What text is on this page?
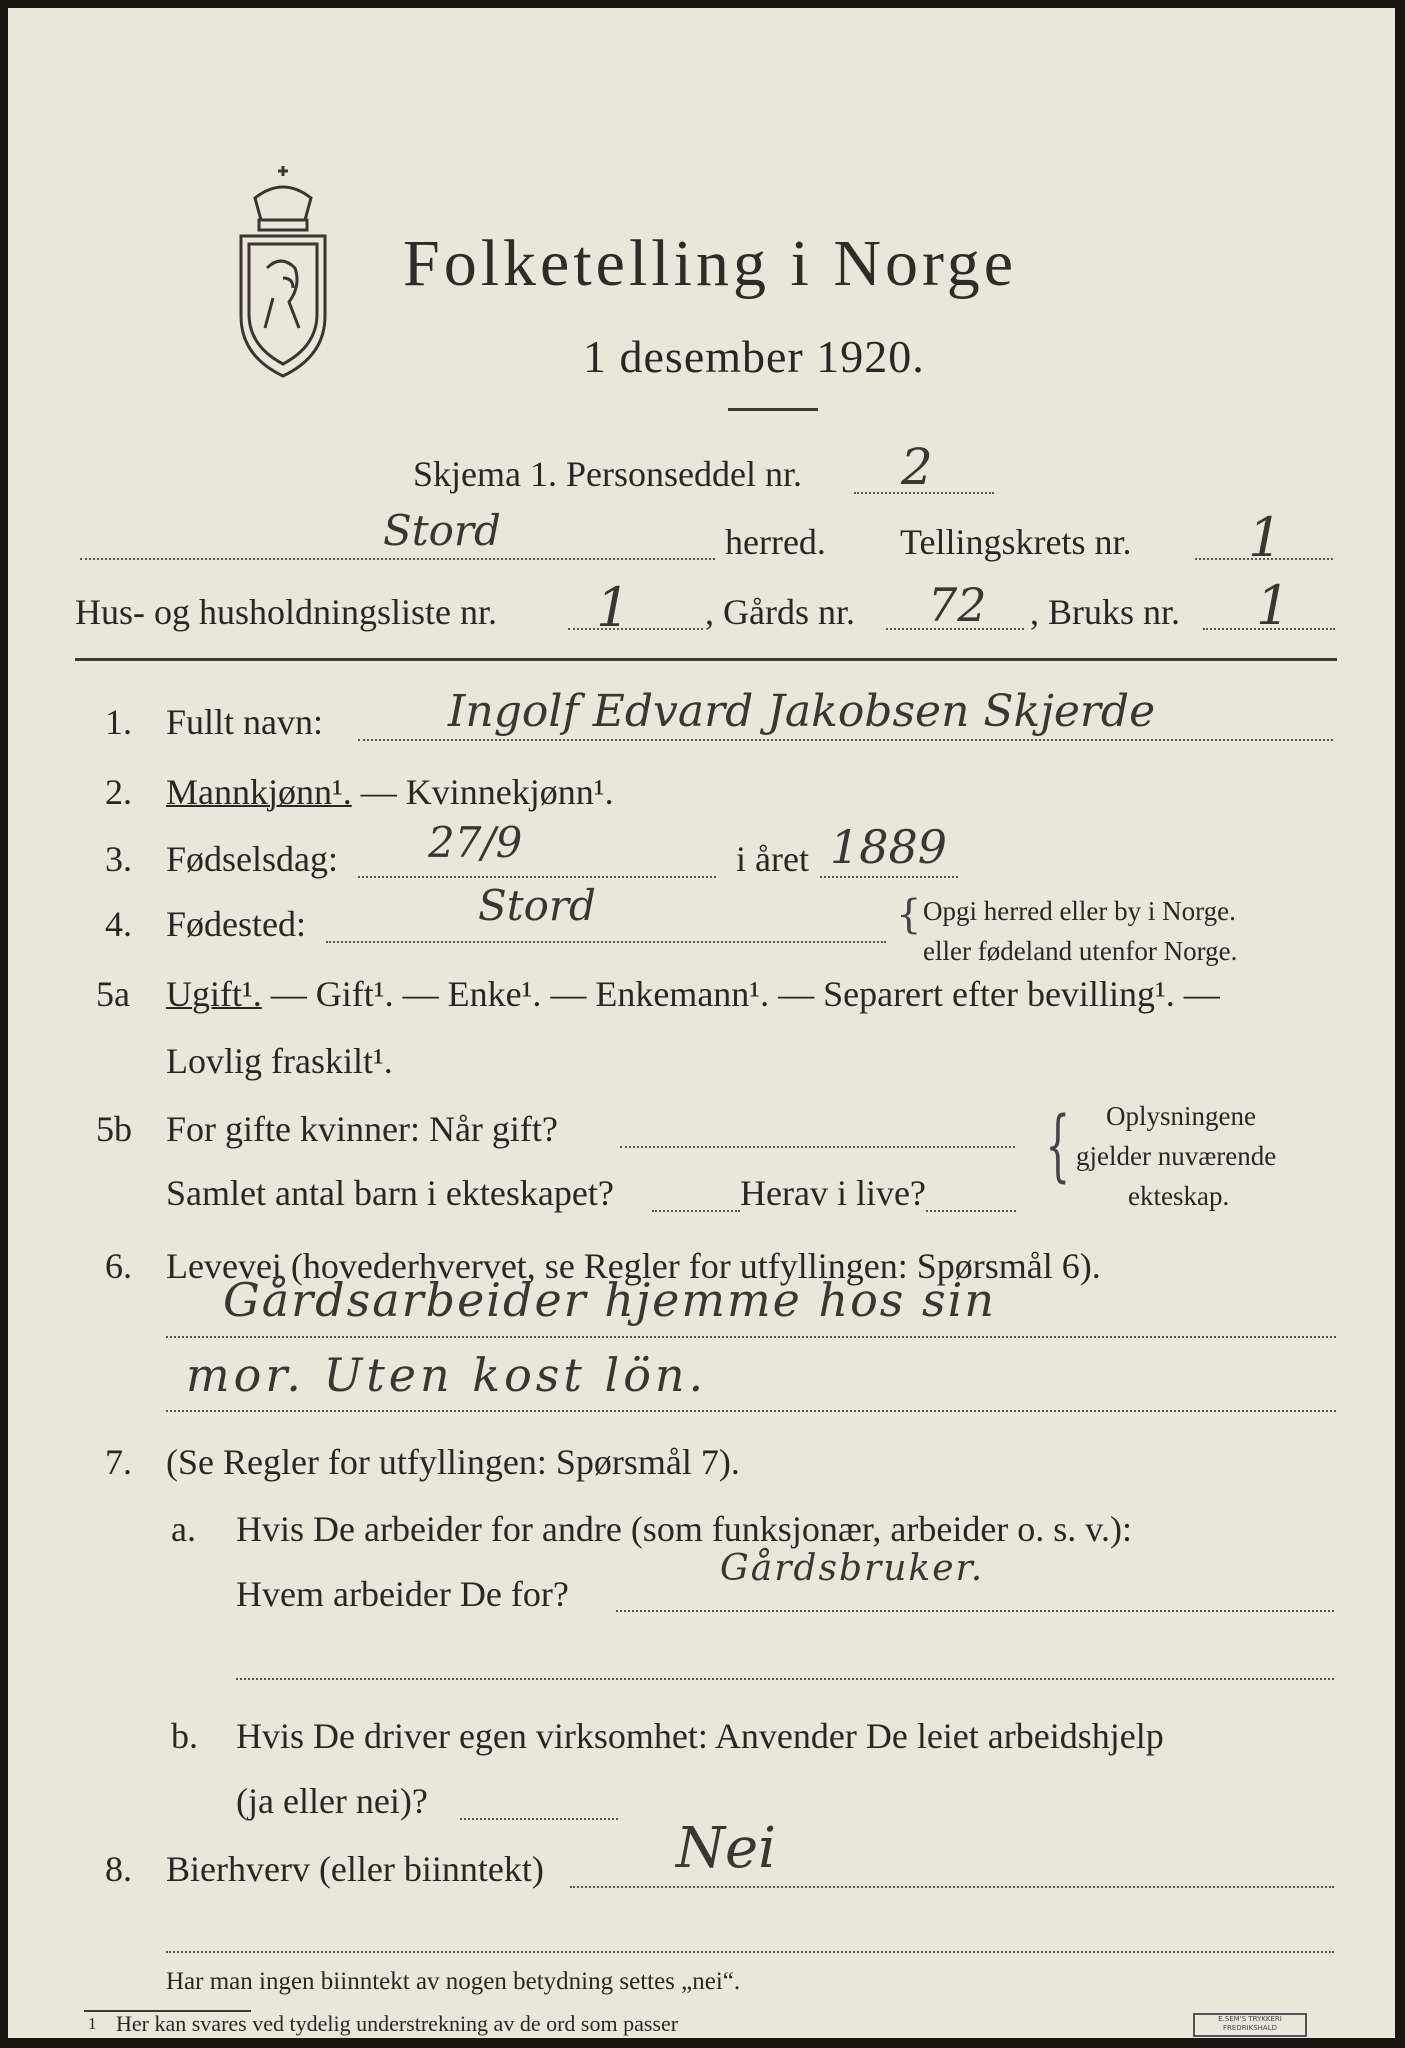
Folketelling i Norge
1 desember 1920.
Skjema 1. Personseddel nr. 2
Stord	herred. Tellingskrets nr. 1
Hus- og husholdningsliste nr. 1 , Gårds nr. 72 , Bruks nr. 1
1. Fullt navn:	Ingolf Edvard Jakobsen Skjerde
2. Mannkjønn¹. — Kvinnekjønn¹.
3. Fødselsdag: 27/9	i året 1889
4. Fødested:	Stord	{ Opgi herred eller by i Norge.
eller fødeland utenfor Norge.
5a Ugift¹. — Gift¹. — Enke¹. — Enkemann¹. — Separert efter bevilling¹. —
Lovlig fraskilt¹.
5b For gifte kvinner: Når gift?
Samlet antal barn i ekteskapet?	Herav i live?
{ Oplysningene
gjelder nuværende
ekteskap.
6. Levevei (hovederhvervet, se Regler for utfyllingen: Spørsmål 6).
Gårdsarbeider hjemme hos sin
mor. Uten kost lön.
7. (Se Regler for utfyllingen: Spørsmål 7).
a. Hvis De arbeider for andre (som funksjonær, arbeider o. s. v.):
Hvem arbeider De for?
Gårdsbruker.
b. Hvis De driver egen virksomhet: Anvender De leiet arbeidshjelp
(ja eller nei)?
8. Bierhverv (eller biinntekt) Nei
Har man ingen biinntekt av nogen betydning settes „nei“.
1 Her kan svares ved tydelig understrekning av de ord som passer	E.SEM'S TRYKKERI FREDRIKSHALD
